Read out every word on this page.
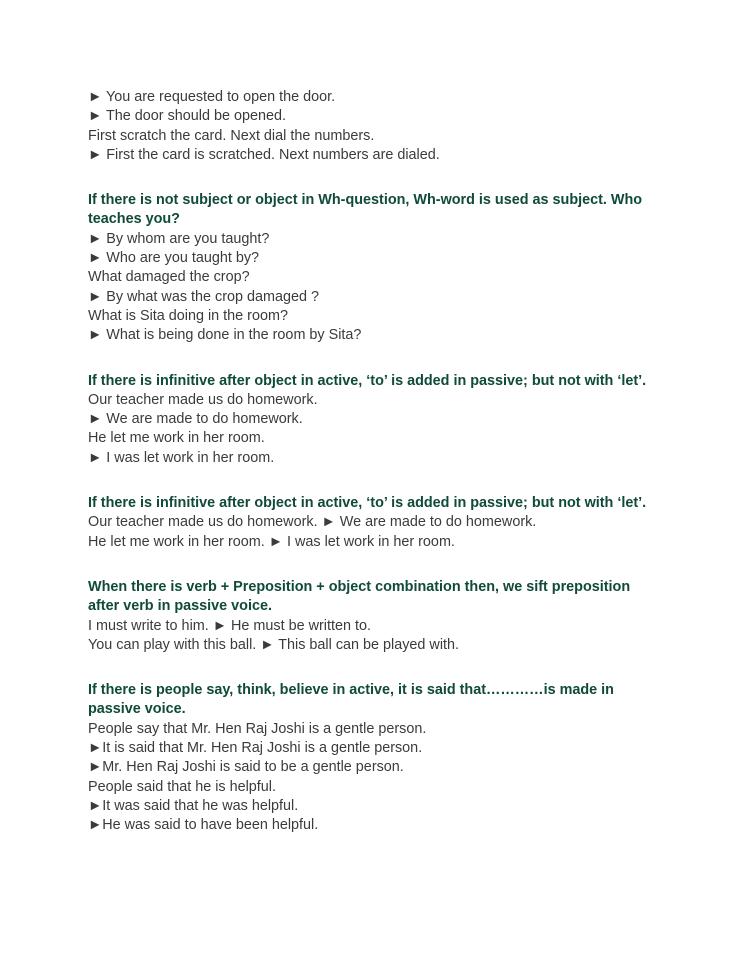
► You are requested to open the door.

► The door should be opened.

First scratch the card. Next dial the numbers.

► First the card is scratched. Next numbers are dialed.

If there is not subject or object in Wh-question, Wh-word is used as subject. Who teaches you?

► By whom are you taught?

► Who are you taught by?

What damaged the crop?

► By what was the crop damaged ?

What is Sita doing in the room?

► What is being done in the room by Sita?

If there is infinitive after object in active, ‘to’ is added in passive; but not with ‘let’.

Our teacher made us do homework.

► We are made to do homework.

He let me work in her room.

► I was let work in her room.

If there is infinitive after object in active, ‘to’ is added in passive; but not with ‘let’.

Our teacher made us do homework. ► We are made to do homework.

He let me work in her room. ► I was let work in her room.

When there is verb + Preposition + object combination then, we sift preposition after verb in passive voice.

I must write to him. ► He must be written to.

You can play with this ball. ► This ball can be played with.

If there is people say, think, believe in active, it is said that…………is made in passive voice.

People say that Mr. Hen Raj Joshi is a gentle person.

►It is said that Mr. Hen Raj Joshi is a gentle person.

►Mr. Hen Raj Joshi is said to be a gentle person.

People said that he is helpful.

►It was said that he was helpful.

►He was said to have been helpful.
